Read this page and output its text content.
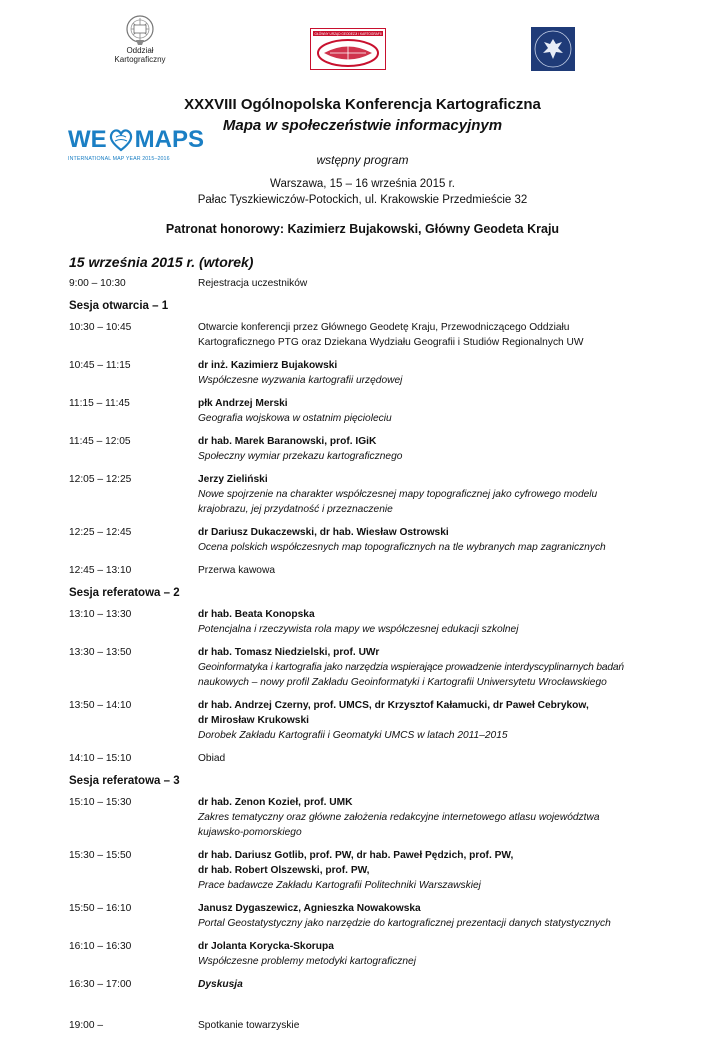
Oddział
Kartograficzny
GŁÓWNY URZĄD GEODEZJI I KARTOGRAFII
WE MAPS
INTERNATIONAL MAP YEAR 2015–2016
XXXVIII Ogólnopolska Konferencja Kartograficzna
Mapa w społeczeństwie informacyjnym
wstępny program
Warszawa, 15 – 16 września 2015 r.
Pałac Tyszkiewiczów-Potockich, ul. Krakowskie Przedmieście 32
Patronat honorowy: Kazimierz Bujakowski, Główny Geodeta Kraju
15 września 2015 r. (wtorek)
9:00 – 10:30	Rejestracja uczestników
Sesja otwarcia – 1
10:30 – 10:45	Otwarcie konferencji przez Głównego Geodetę Kraju, Przewodniczącego Oddziału
Kartograficznego PTG oraz Dziekana Wydziału Geografii i Studiów Regionalnych UW
10:45 – 11:15	dr inż. Kazimierz Bujakowski
Współczesne wyzwania kartografii urzędowej
11:15 – 11:45	płk Andrzej Merski
Geografia wojskowa w ostatnim pięcioleciu
11:45 – 12:05	dr hab. Marek Baranowski, prof. IGiK
Społeczny wymiar przekazu kartograficznego
12:05 – 12:25	Jerzy Zieliński
Nowe spojrzenie na charakter współczesnej mapy topograficznej jako cyfrowego modelu
krajobrazu, jej przydatność i przeznaczenie
12:25 – 12:45	dr Dariusz Dukaczewski, dr hab. Wiesław Ostrowski
Ocena polskich współczesnych map topograficznych na tle wybranych map zagranicznych
12:45 – 13:10	Przerwa kawowa
Sesja referatowa – 2
13:10 – 13:30	dr hab. Beata Konopska
Potencjalna i rzeczywista rola mapy we współczesnej edukacji szkolnej
13:30 – 13:50	dr hab. Tomasz Niedzielski, prof. UWr
Geoinformatyka i kartografia jako narzędzia wspierające prowadzenie interdyscyplinarnych badań
naukowych – nowy profil Zakładu Geoinformatyki i Kartografii Uniwersytetu Wrocławskiego
13:50 – 14:10	dr hab. Andrzej Czerny, prof. UMCS, dr Krzysztof Kałamucki, dr Paweł Cebrykow,
dr Mirosław Krukowski
Dorobek Zakładu Kartografii i Geomatyki UMCS w latach 2011–2015
14:10 – 15:10	Obiad
Sesja referatowa – 3
15:10 – 15:30	dr hab. Zenon Kozieł, prof. UMK
Zakres tematyczny oraz główne założenia redakcyjne internetowego atlasu województwa
kujawsko-pomorskiego
15:30 – 15:50	dr hab. Dariusz Gotlib, prof. PW, dr hab. Paweł Pędzich, prof. PW,
dr hab. Robert Olszewski, prof. PW,
Prace badawcze Zakładu Kartografii Politechniki Warszawskiej
15:50 – 16:10	Janusz Dygaszewicz, Agnieszka Nowakowska
Portal Geostatystyczny jako narzędzie do kartograficznej prezentacji danych statystycznych
16:10 – 16:30	dr Jolanta Korycka-Skorupa
Współczesne problemy metodyki kartograficznej
16:30 – 17:00	Dyskusja
19:00 –	Spotkanie towarzyskie
